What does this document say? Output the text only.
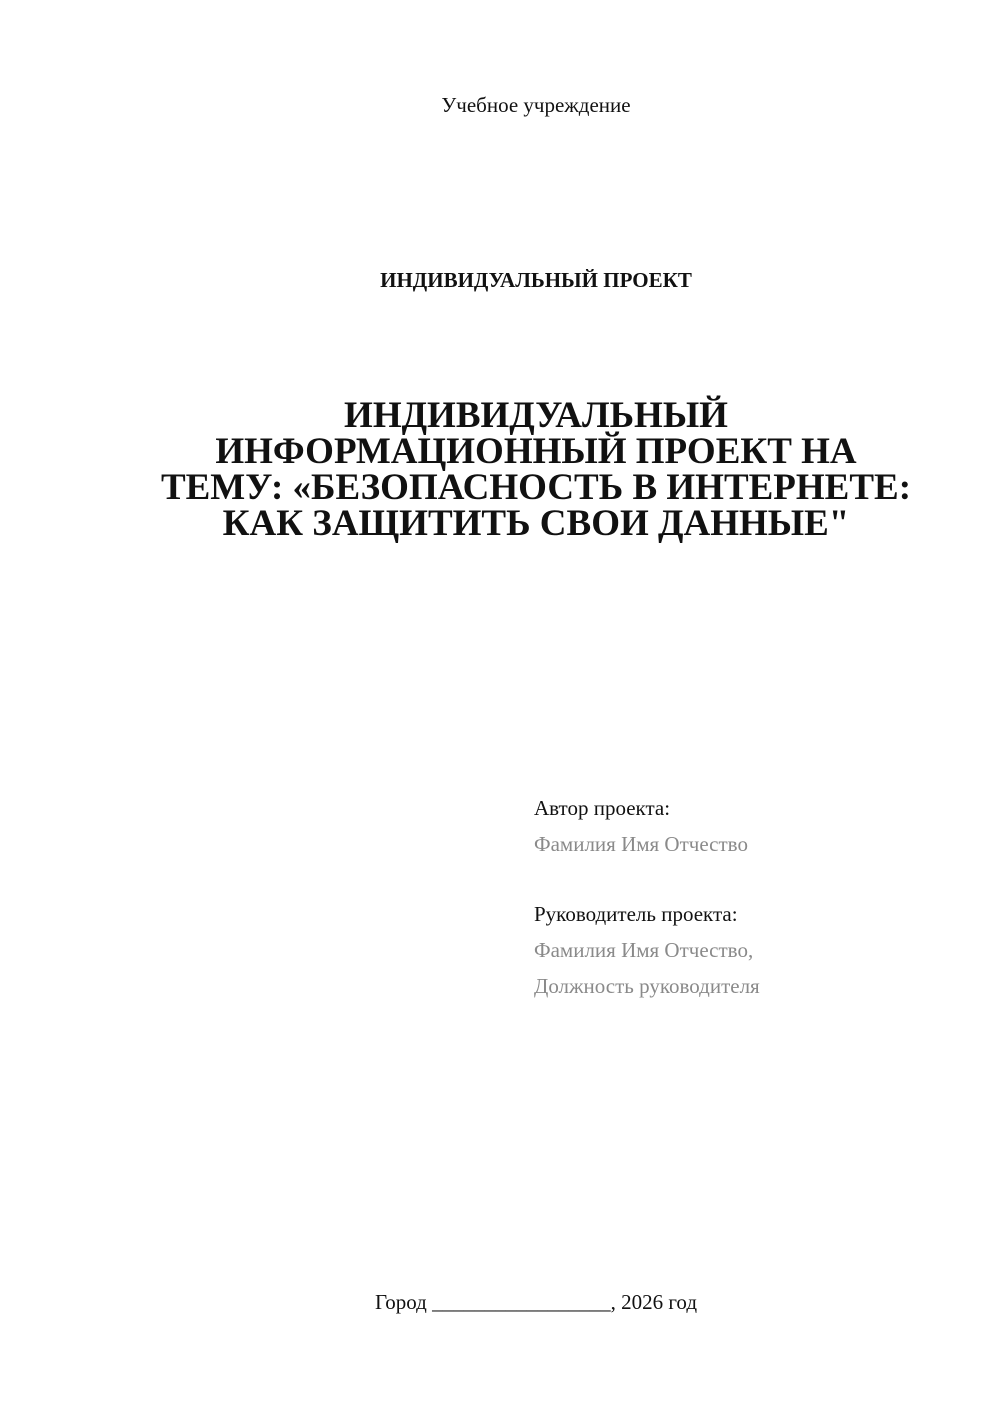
Учебное учреждение
ИНДИВИДУАЛЬНЫЙ ПРОЕКТ
ИНДИВИДУАЛЬНЫЙ
ИНФОРМАЦИОННЫЙ ПРОЕКТ НА
ТЕМУ: «БЕЗОПАСНОСТЬ В ИНТЕРНЕТЕ:
КАК ЗАЩИТИТЬ СВОИ ДАННЫЕ"
Автор проекта:
Фамилия Имя Отчество
Руководитель проекта:
Фамилия Имя Отчество,
Должность руководителя
Город _________________, 2026 год
